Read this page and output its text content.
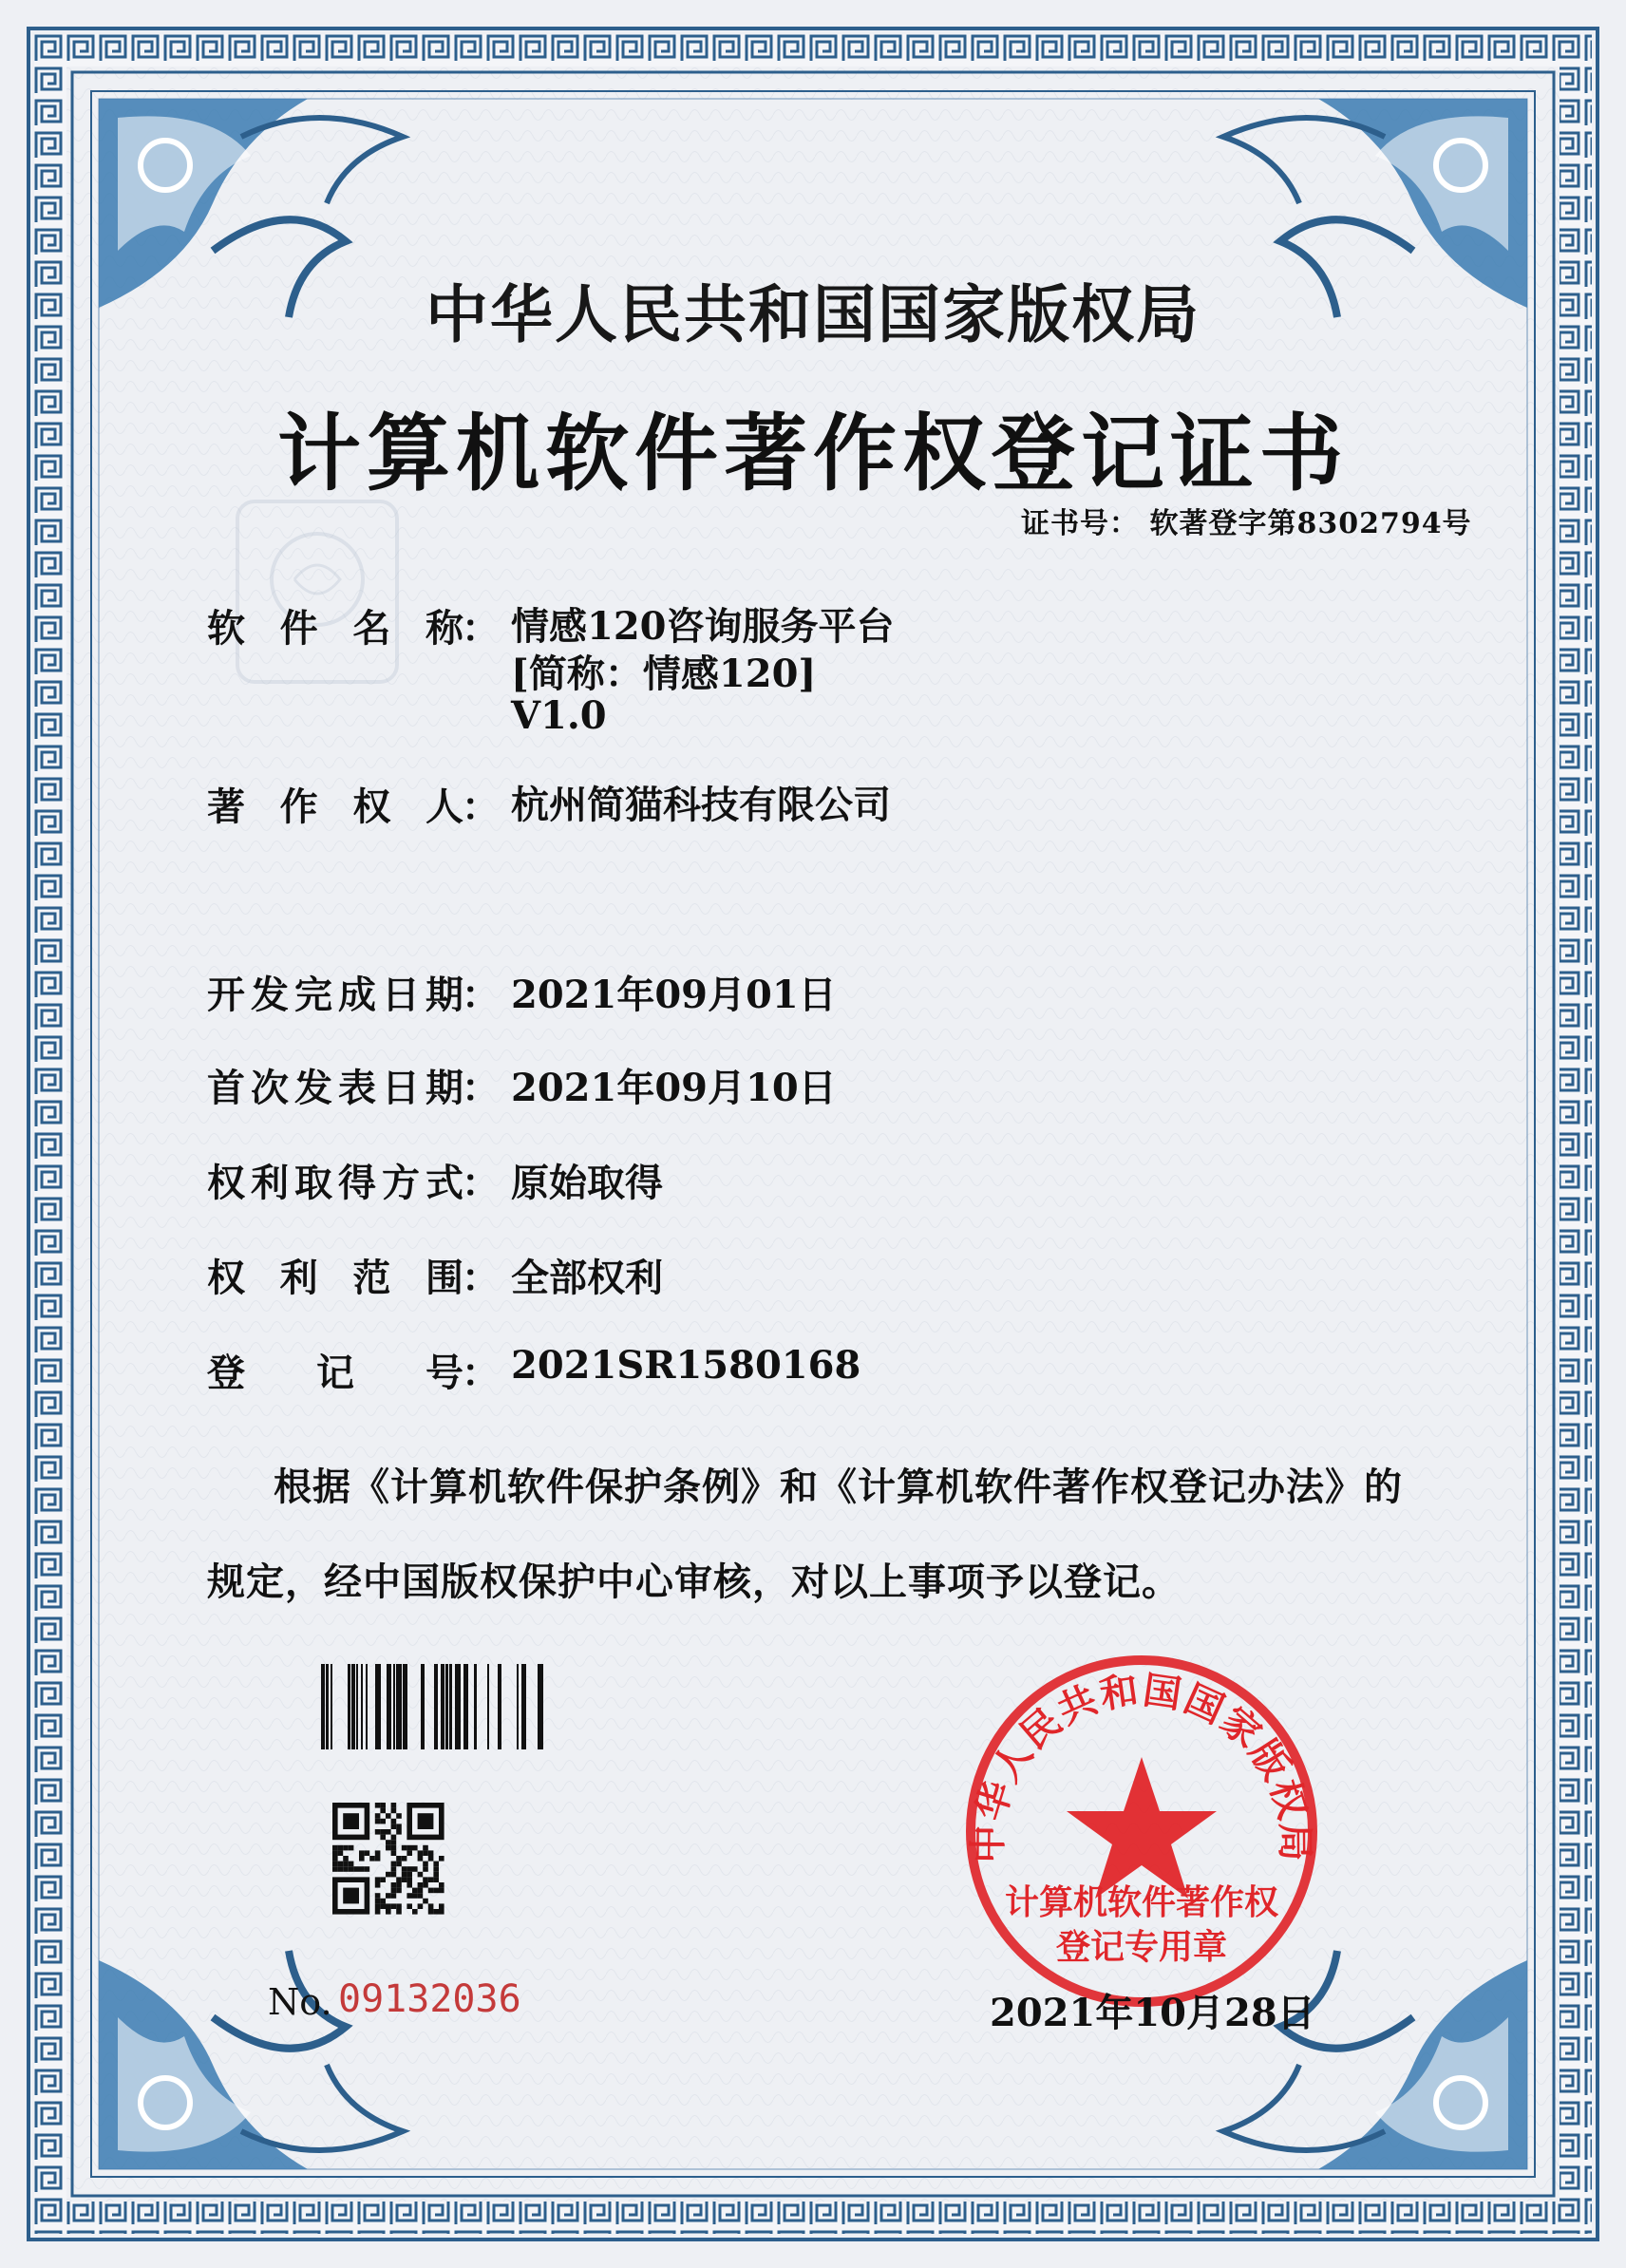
中华人民共和国国家版权局
计算机软件著作权
登记专用章
中华人民共和国国家版权局
计算机软件著作权登记证书
证书号： 软著登字第8302794号
软件名称
： 情感120咨询服务平台
[简称：情感120]
V1.0
著作权人
： 杭州简猫科技有限公司
开发完成日期
： 2021年09月01日
首次发表日期
： 2021年09月10日
权利取得方式
： 原始取得
权利范围
： 全部权利
登记号
： 2021SR1580168
根据《计算机软件保护条例》和《计算机软件著作权登记办法》的
规定，经中国版权保护中心审核，对以上事项予以登记。
No. 09132036	2021年10月28日
